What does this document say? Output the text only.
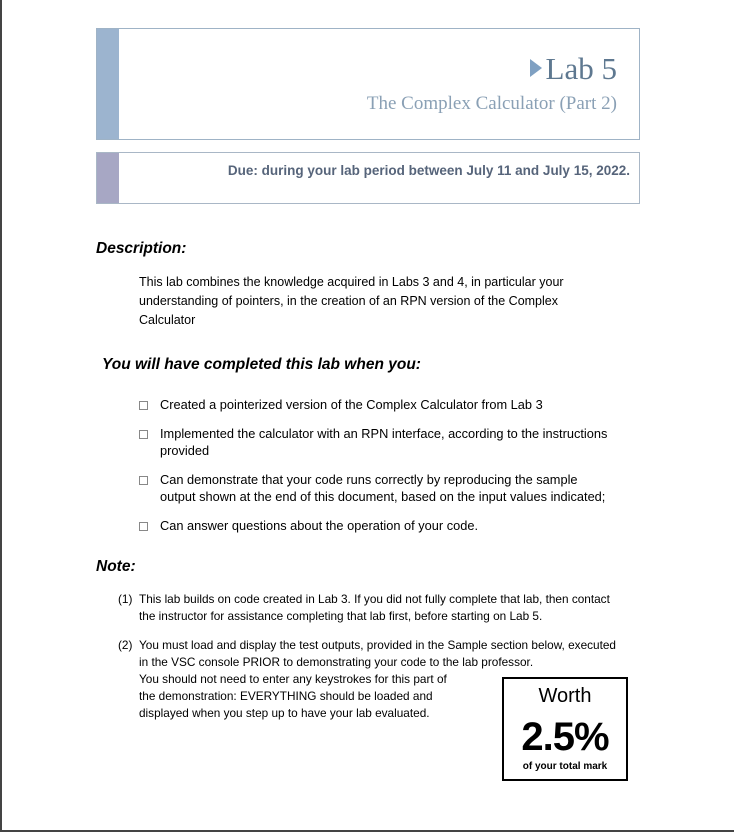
Lab 5
The Complex Calculator (Part 2)
Due: during your lab period between July 11 and July 15, 2022.
Description:
This lab combines the knowledge acquired in Labs 3 and 4, in particular your
understanding of pointers, in the creation of an RPN version of the Complex
Calculator
You will have completed this lab when you:
Created a pointerized version of the Complex Calculator from Lab 3
Implemented the calculator with an RPN interface, according to the instructions
provided
Can demonstrate that your code runs correctly by reproducing the sample
output shown at the end of this document, based on the input values indicated;
Can answer questions about the operation of your code.
Note:
(1) This lab builds on code created in Lab 3. If you did not fully complete that lab, then contact
the instructor for assistance completing that lab first, before starting on Lab 5.
(2) You must load and display the test outputs, provided in the Sample section below, executed
in the VSC console PRIOR to demonstrating your code to the lab professor.
You should not need to enter any keystrokes for this part of
the demonstration: EVERYTHING should be loaded and
displayed when you step up to have your lab evaluated.
Worth
2.5%
of your total mark
